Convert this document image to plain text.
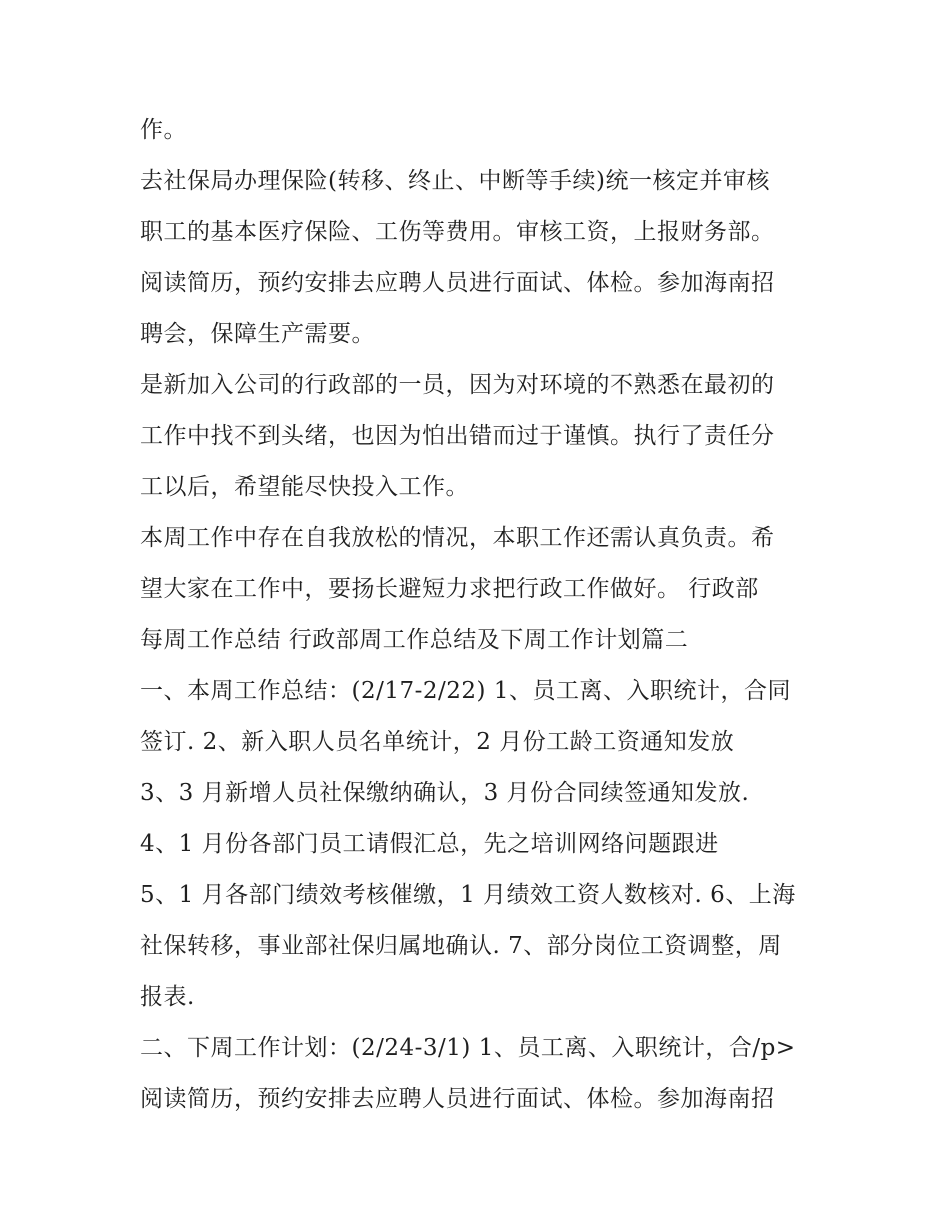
作。
去社保局办理保险(转移、终止、中断等手续)统一核定并审核
职工的基本医疗保险、工伤等费用。审核工资，上报财务部。
阅读简历，预约安排去应聘人员进行面试、体检。参加海南招
聘会，保障生产需要。
是新加入公司的行政部的一员，因为对环境的不熟悉在最初的
工作中找不到头绪，也因为怕出错而过于谨慎。执行了责任分
工以后，希望能尽快投入工作。
本周工作中存在自我放松的情况，本职工作还需认真负责。希
望大家在工作中，要扬长避短力求把行政工作做好。 行政部
每周工作总结 行政部周工作总结及下周工作计划篇二
一、本周工作总结：(2/17-2/22) 1、员工离、入职统计，合同
签订. 2、新入职人员名单统计，2 月份工龄工资通知发放
3、3 月新增人员社保缴纳确认，3 月份合同续签通知发放.
4、1 月份各部门员工请假汇总，先之培训网络问题跟进
5、1 月各部门绩效考核催缴，1 月绩效工资人数核对. 6、上海
社保转移，事业部社保归属地确认. 7、部分岗位工资调整，周
报表.
二、下周工作计划：(2/24-3/1) 1、员工离、入职统计，合/p>
阅读简历，预约安排去应聘人员进行面试、体检。参加海南招
